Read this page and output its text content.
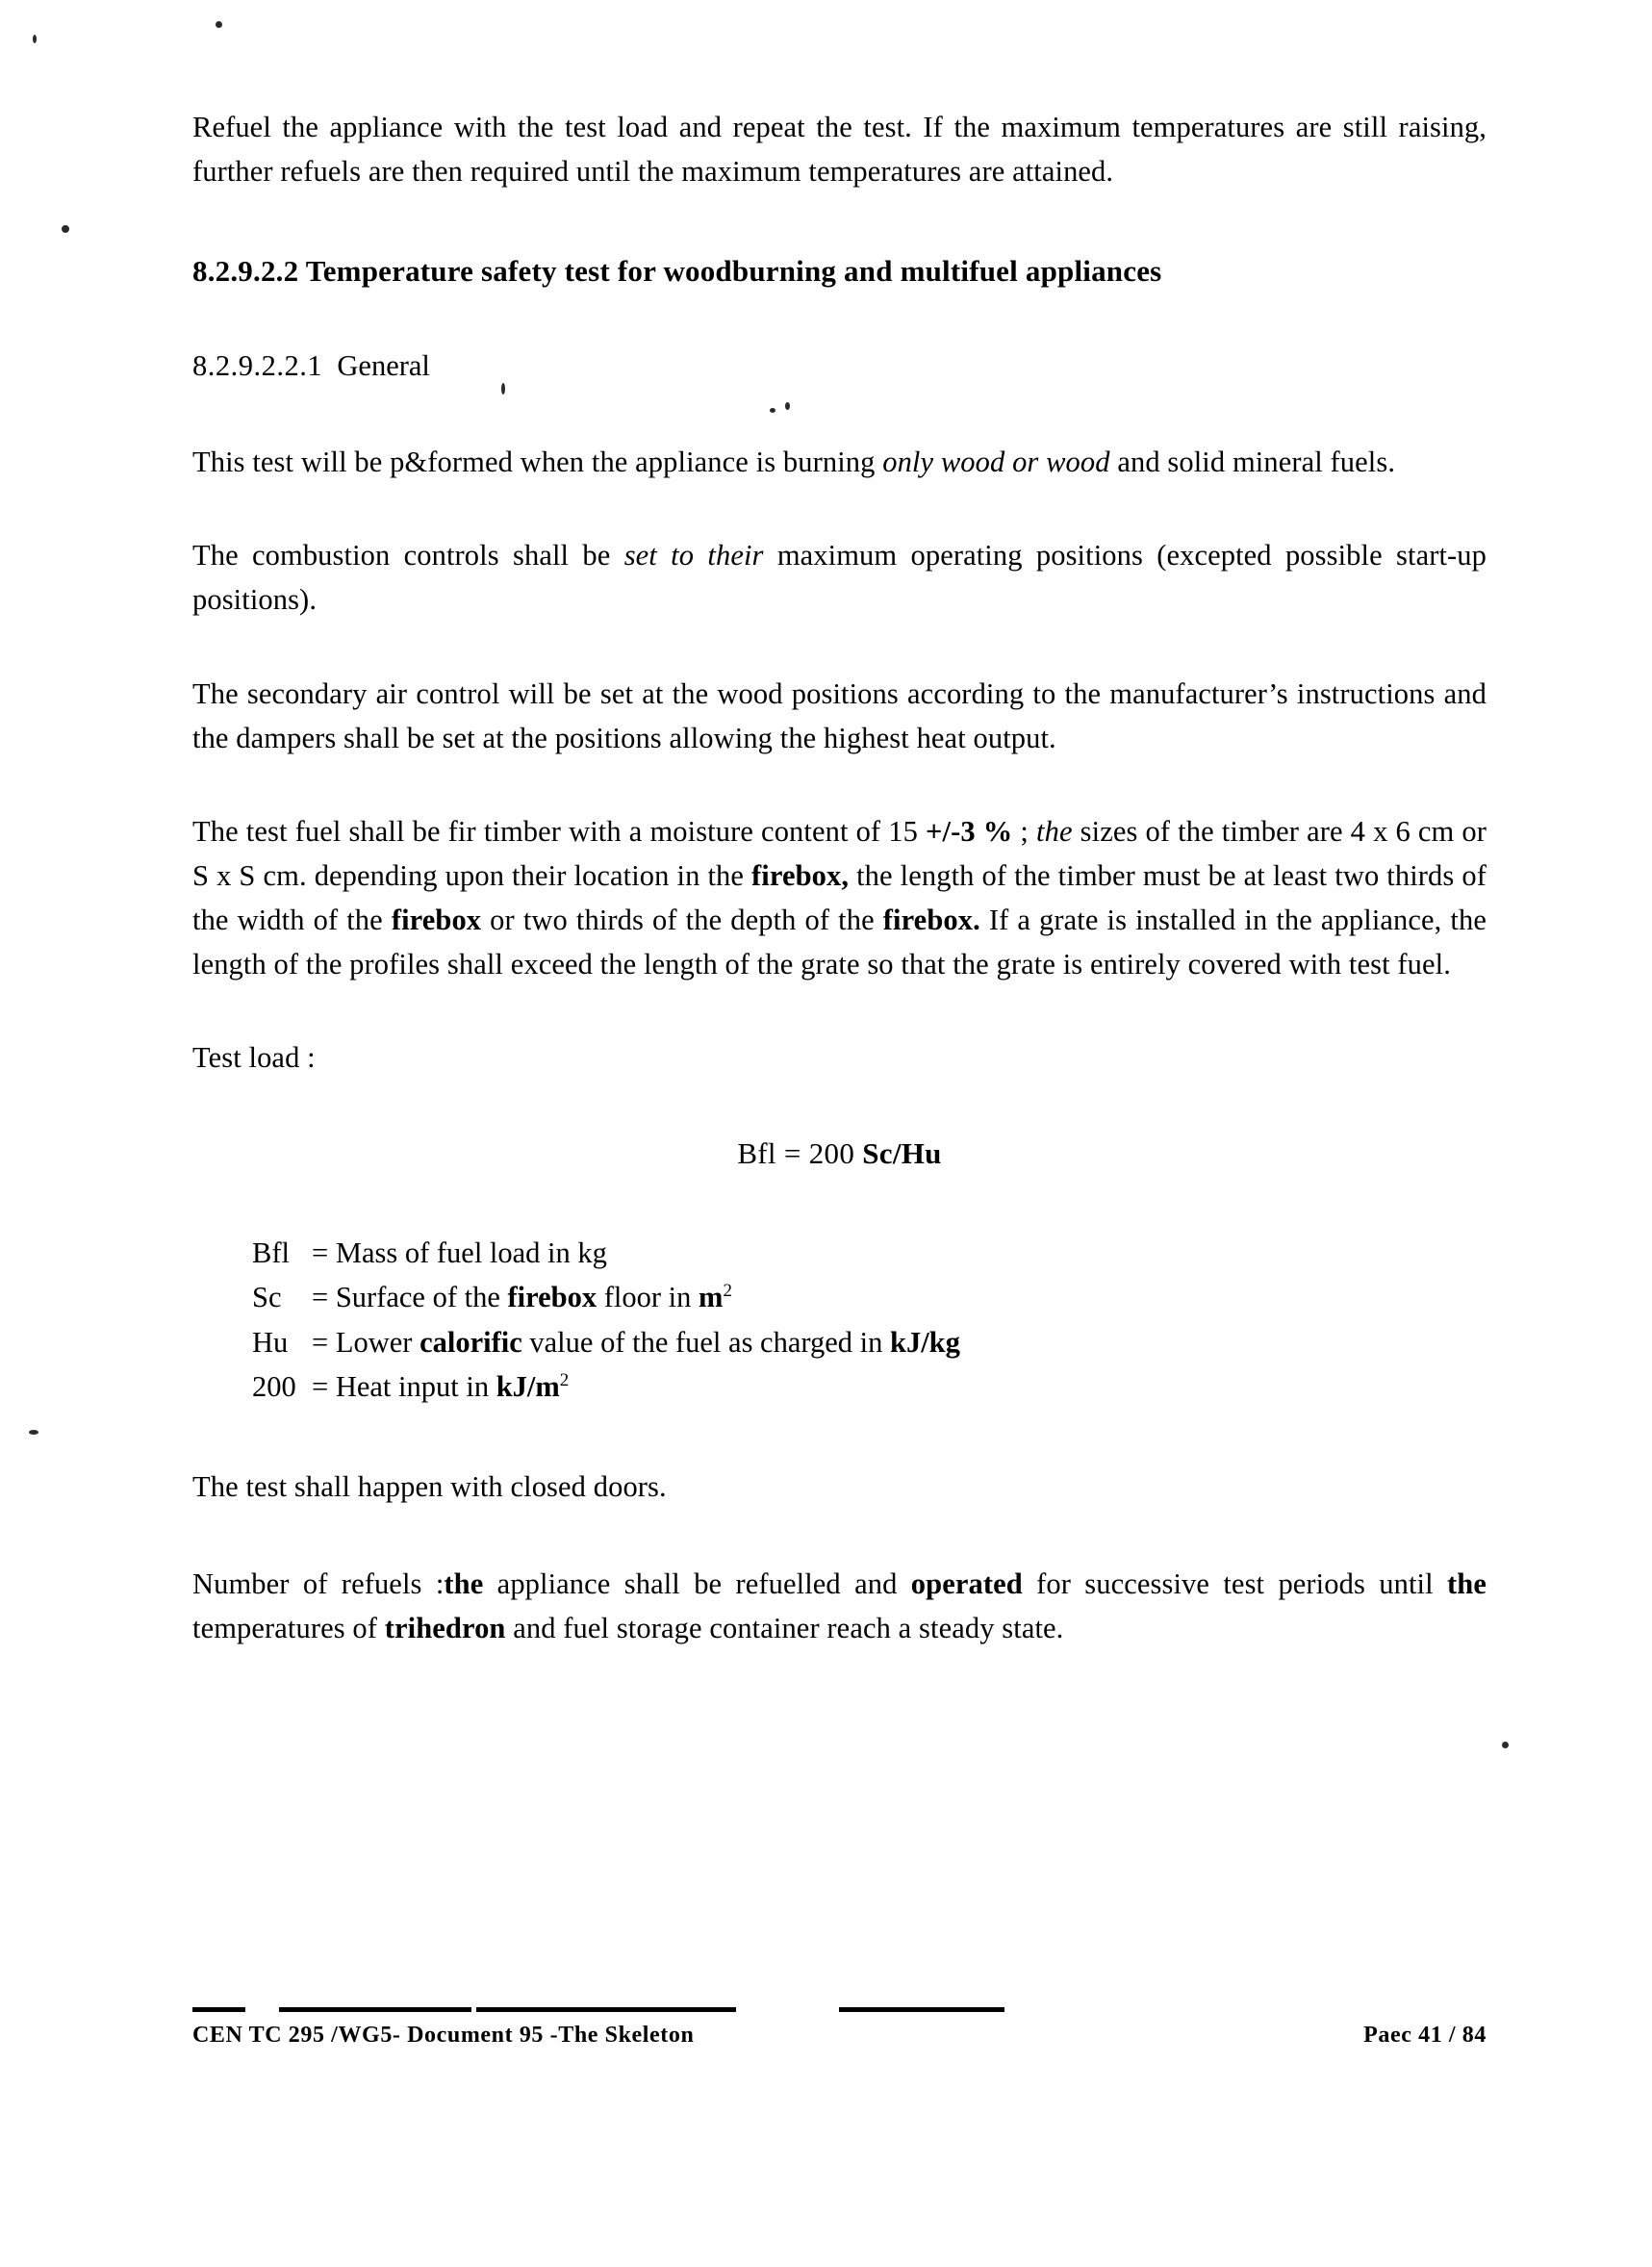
Refuel the appliance with the test load and repeat the test. If the maximum temperatures are still raising, further refuels are then required until the maximum temperatures are attained.

8.2.9.2.2 Temperature safety test for woodburning and multifuel appliances
8.2.9.2.2.1 General

This test will be p&formed when the appliance is burning only wood or wood and solid mineral fuels.

The combustion controls shall be set to their maximum operating positions (excepted possible start-up positions).

The secondary air control will be set at the wood positions according to the manufacturer’s instructions and the dampers shall be set at the positions allowing the highest heat output.

The test fuel shall be fir timber with a moisture content of 15 +/-3 % ; the sizes of the timber are 4 x 6 cm or S x S cm. depending upon their location in the firebox, the length of the timber must be at least two thirds of the width of the firebox or two thirds of the depth of the firebox. If a grate is installed in the appliance, the length of the profiles shall exceed the length of the grate so that the grate is entirely covered with test fuel.

Test load :

Bfl = 200 Sc/Hu
Bfl = Mass of fuel load in kg
Sc = Surface of the firebox floor in $m^2$
Hu = Lower calorific value of the fuel as charged in kJ/kg
200 = Heat input in $kJ/m^2$

The test shall happen with closed doors.

Number of refuels :the appliance shall be refuelled and operated for successive test periods until the temperatures of trihedron and fuel storage container reach a steady state.

CEN TC 295 /WG5- Document 95 -The Skeleton	Paec 41 / 84
